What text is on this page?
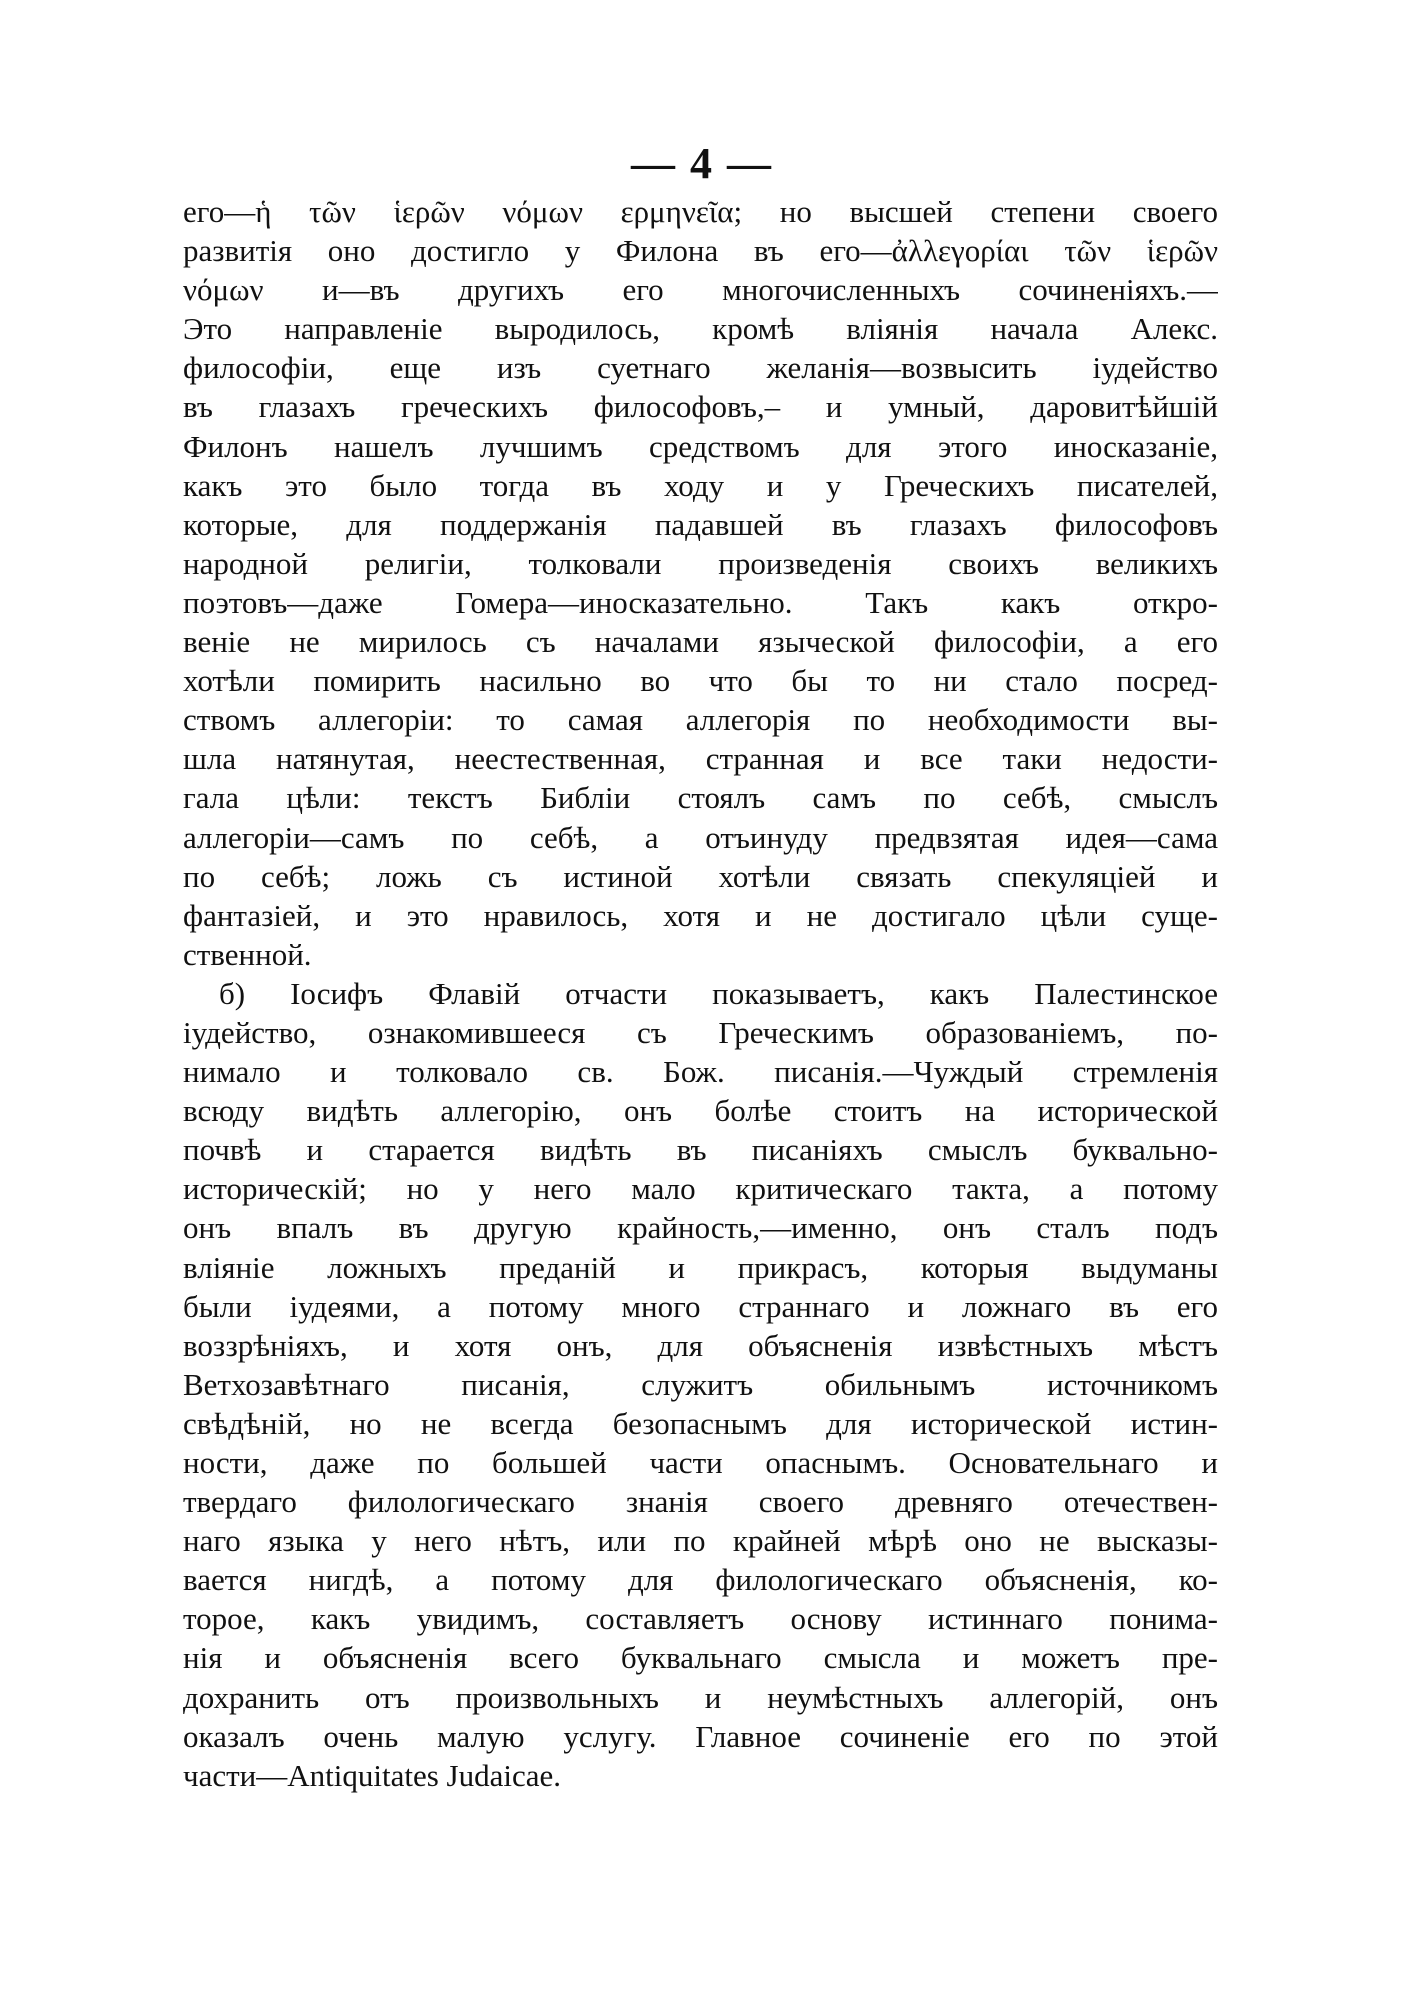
— 4 —
его—ἡ τῶν ἱερῶν νόμων ερμηνεῖα; но высшей степени своего
развитія оно достигло у Филона въ его—ἀλλεγορίαι τῶν ἱερῶν
νόμων и—въ другихъ его многочисленныхъ сочиненіяхъ.—
Это направленіе выродилось, кромѣ вліянія начала Алекс.
философіи, еще изъ суетнаго желанія—возвысить іудейство
въ глазахъ греческихъ философовъ,– и умный, даровитѣйшій
Филонъ нашелъ лучшимъ средствомъ для этого иносказаніе,
какъ это было тогда въ ходу и у Греческихъ писателей,
которые, для поддержанія падавшей въ глазахъ философовъ
народной религіи, толковали произведенія своихъ великихъ
поэтовъ—даже Гомера—иносказательно. Такъ какъ откро-
веніе не мирилось съ началами языческой философіи, а его
хотѣли помирить насильно во что бы то ни стало посред-
ствомъ аллегоріи: то самая аллегорія по необходимости вы-
шла натянутая, неестественная, странная и все таки недости-
гала цѣли: текстъ Библіи стоялъ самъ по себѣ, смыслъ
аллегоріи—самъ по себѣ, а отъинуду предвзятая идея—сама
по себѣ; ложь съ истиной хотѣли связать спекуляціей и
фантазіей, и это нравилось, хотя и не достигало цѣли суще-
ственной.
б) Іосифъ Флавій отчасти показываетъ, какъ Палестинское
іудейство, ознакомившееся съ Греческимъ образованіемъ, по-
нимало и толковало св. Бож. писанія.—Чуждый стремленія
всюду видѣть аллегорію, онъ болѣе стоитъ на исторической
почвѣ и старается видѣть въ писаніяхъ смыслъ буквально-
историческій; но у него мало критическаго такта, а потому
онъ впалъ въ другую крайность,—именно, онъ сталъ подъ
вліяніе ложныхъ преданій и прикрасъ, которыя выдуманы
были іудеями, а потому много страннаго и ложнаго въ его
воззрѣніяхъ, и хотя онъ, для объясненія извѣстныхъ мѣстъ
Ветхозавѣтнаго писанія, служитъ обильнымъ источникомъ
свѣдѣній, но не всегда безопаснымъ для исторической истин-
ности, даже по большей части опаснымъ. Основательнаго и
твердаго филологическаго знанія своего древняго отечествен-
наго языка у него нѣтъ, или по крайней мѣрѣ оно не высказы-
вается нигдѣ, а потому для филологическаго объясненія, ко-
торое, какъ увидимъ, составляетъ основу истиннаго понима-
нія и объясненія всего буквальнаго смысла и можетъ пре-
дохранить отъ произвольныхъ и неумѣстныхъ аллегорій, онъ
оказалъ очень малую услугу. Главное сочиненіе его по этой
части—Antiquitates Judaicae.
